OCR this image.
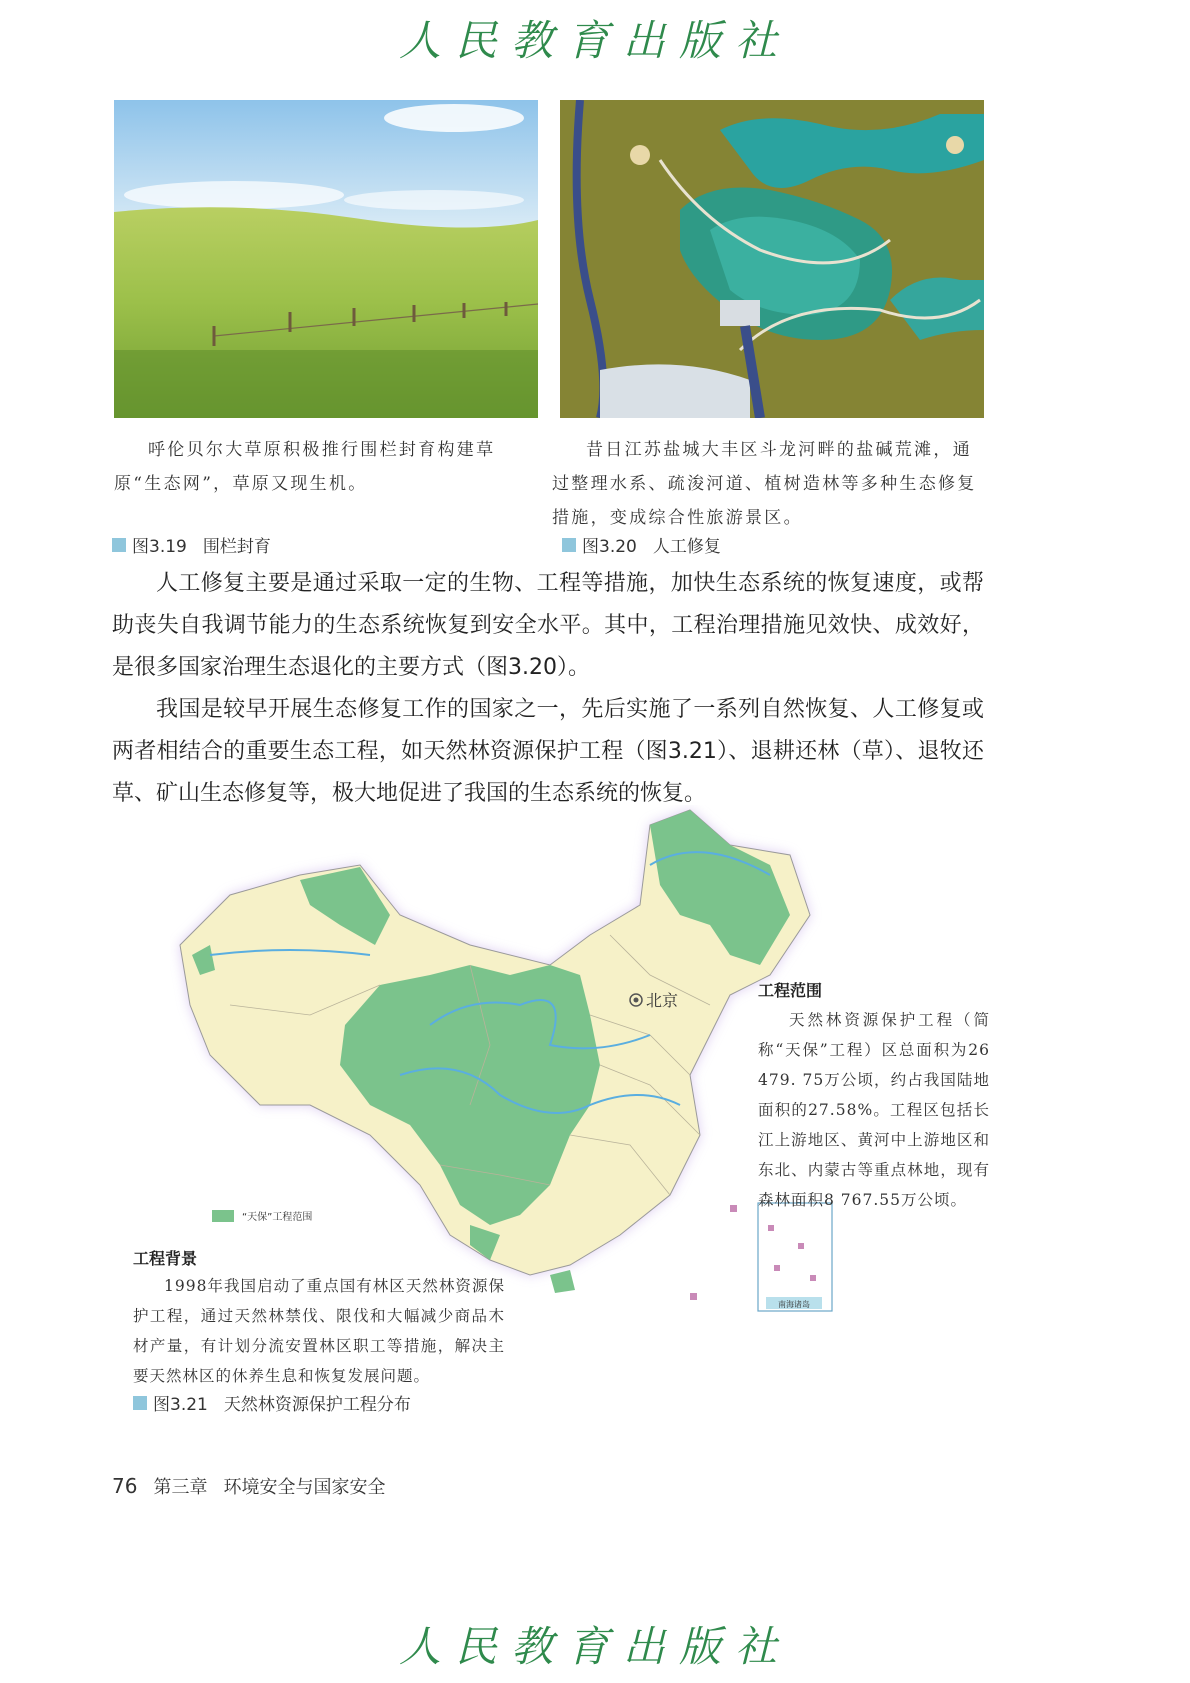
人民教育出版社

呼伦贝尔大草原积极推行围栏封育构建草原“生态网”，草原又现生机。

昔日江苏盐城大丰区斗龙河畔的盐碱荒滩，通过整理水系、疏浚河道、植树造林等多种生态修复措施，变成综合性旅游景区。

图3.19 围栏封育	图3.20 人工修复

人工修复主要是通过采取一定的生物、工程等措施，加快生态系统的恢复速度，或帮助丧失自我调节能力的生态系统恢复到安全水平。其中，工程治理措施见效快、成效好，是很多国家治理生态退化的主要方式（图3.20）。

我国是较早开展生态修复工作的国家之一，先后实施了一系列自然恢复、人工修复或两者相结合的重要生态工程，如天然林资源保护工程（图3.21）、退耕还林（草）、退牧还草、矿山生态修复等，极大地促进了我国的生态系统的恢复。

南海诸岛
北京
“天保”工程范围
工程范围

天然林资源保护工程（简称“天保”工程）区总面积为26 479. 75万公顷，约占我国陆地面积的27.58%。工程区包括长江上游地区、黄河中上游地区和东北、内蒙古等重点林地，现有森林面积8 767.55万公顷。

工程背景

1998年我国启动了重点国有林区天然林资源保护工程，通过天然林禁伐、限伐和大幅减少商品木材产量，有计划分流安置林区职工等措施，解决主要天然林区的休养生息和恢复发展问题。

图3.21 天然林资源保护工程分布
76 第三章 环境安全与国家安全
人民教育出版社
